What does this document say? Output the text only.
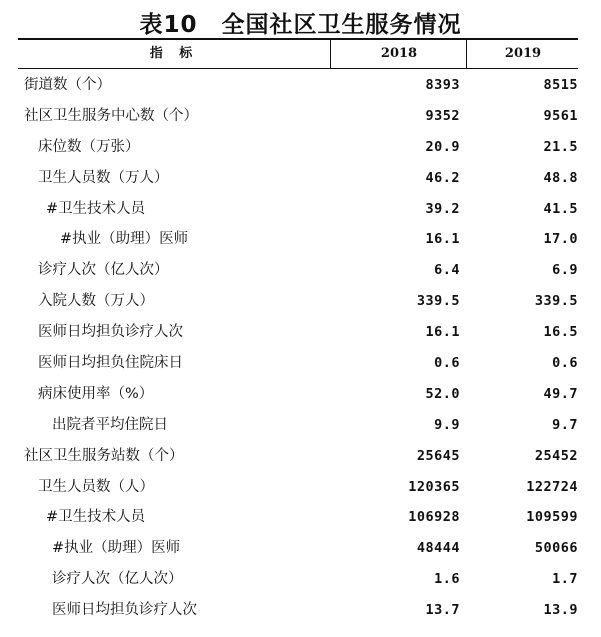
表10　全国社区卫生服务情况
指 标	2018	2019
街道数（个）	8393	8515
社区卫生服务中心数（个）	9352	9561
床位数（万张）	20.9	21.5
卫生人员数（万人）	46.2	48.8
#卫生技术人员	39.2	41.5
#执业（助理）医师	16.1	17.0
诊疗人次（亿人次）	6.4	6.9
入院人数（万人）	339.5	339.5
医师日均担负诊疗人次	16.1	16.5
医师日均担负住院床日	0.6	0.6
病床使用率（%）	52.0	49.7
出院者平均住院日	9.9	9.7
社区卫生服务站数（个）	25645	25452
卫生人员数（人）	120365	122724
#卫生技术人员	106928	109599
#执业（助理）医师	48444	50066
诊疗人次（亿人次）	1.6	1.7
医师日均担负诊疗人次	13.7	13.9
